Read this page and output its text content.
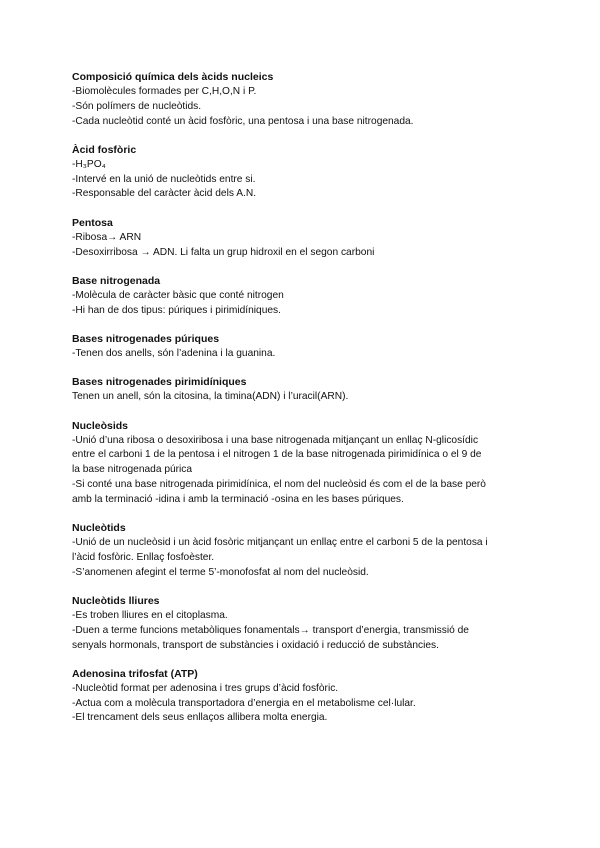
Composició química dels àcids nucleics

-Biomolècules formades per C,H,O,N i P.

-Són polímers de nucleòtids.

-Cada nucleòtid conté un àcid fosfòric, una pentosa i una base nitrogenada.

Àcid fosfòric

-H₃PO₄

-Intervé en la unió de nucleòtids entre si.

-Responsable del caràcter àcid dels A.N.

Pentosa

-Ribosa→ ARN

-Desoxirribosa → ADN. Li falta un grup hidroxil en el segon carboni

Base nitrogenada

-Molècula de caràcter bàsic que conté nitrogen

-Hi han de dos tipus: púriques i pirimidíniques.

Bases nitrogenades púriques

-Tenen dos anells, són l’adenina i la guanina.

Bases nitrogenades pirimidíniques

Tenen un anell, són la citosina, la timina(ADN) i l’uracil(ARN).

Nucleòsids

-Unió d’una ribosa o desoxiribosa i una base nitrogenada mitjançant un enllaç N-glicosídic

entre el carboni 1 de la pentosa i el nitrogen 1 de la base nitrogenada pirimidínica o el 9 de

la base nitrogenada púrica

-Si conté una base nitrogenada pirimidínica, el nom del nucleòsid és com el de la base però

amb la terminació -idina i amb la terminació -osina en les bases púriques.

Nucleòtids

-Unió de un nucleòsid i un àcid fosòric mitjançant un enllaç entre el carboni 5 de la pentosa i

l’àcid fosfòric. Enllaç fosfoèster.

-S’anomenen afegint el terme 5’-monofosfat al nom del nucleòsid.

Nucleòtids lliures

-Es troben lliures en el citoplasma.

-Duen a terme funcions metabòliques fonamentals→ transport d’energia, transmissió de

senyals hormonals, transport de substàncies i oxidació i reducció de substàncies.

Adenosina trifosfat (ATP)

-Nucleòtid format per adenosina i tres grups d’àcid fosfòric.

-Actua com a molècula transportadora d’energia en el metabolisme cel·lular.

-El trencament dels seus enllaços allibera molta energia.
